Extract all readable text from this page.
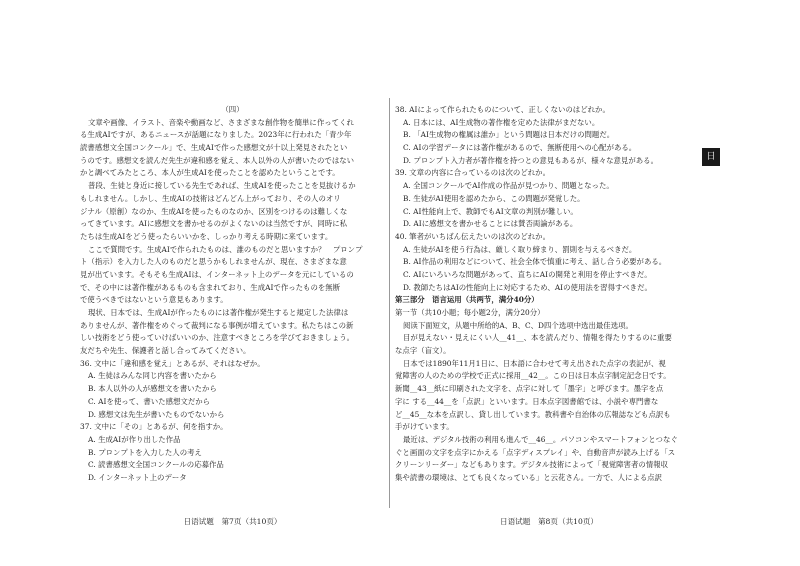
（四）
文章や画像、イラスト、音楽や動画など、さまざまな創作物を簡単に作ってくれ
る生成AIですが、あるニュースが話題になりました。2023年に行われた「青少年
読書感想文全国コンクール」で、生成AIで作った感想文が十以上発見されたとい
うのです。感想文を読んだ先生が違和感を覚え、本人以外の人が書いたのではない
かと調べてみたところ、本人が生成AIを使ったことを認めたということです。
普段、生徒と身近に接している先生であれば、生成AIを使ったことを見抜けるか
もしれません。しかし、生成AIの技術はどんどん上がっており、その人のオリ
ジナル（原創）なのか、生成AIを使ったものなのか、区別をつけるのは難しくな
ってきています。AIに感想文を書かせるのがよくないのは当然ですが、同時に私
たちは生成AIをどう使ったらいいかを、しっかり考える時期に来ています。
ここで質問です。生成AIで作られたものは、誰のものだと思いますか？　プロンプ
ト（指示）を入力した人のものだと思うかもしれませんが、現在、さまざまな意
見が出ています。そもそも生成AIは、インターネット上のデータを元にしているの
で、その中には著作権があるものも含まれており、生成AIで作ったものを無断
で使うべきではないという意見もあります。
現状、日本では、生成AIが作ったものには著作権が発生すると規定した法律は
ありませんが、著作権をめぐって裁判になる事例が増えています。私たちはこの新
しい技術をどう使っていけばいいのか、注意すべきところを学びておきましょう。
友だちや先生、保護者と話し合ってみてください。
36. 文中に「違和感を覚え」とあるが、それはなぜか。
A. 生徒はみんな同じ内容を書いたから
B. 本人以外の人が感想文を書いたから
C. AIを使って、書いた感想文だから
D. 感想文は先生が書いたものでないから
37. 文中に「その」とあるが、何を指すか。
A. 生成AIが作り出した作品
B. プロンプトを入力した人の考え
C. 読書感想文全国コンクールの応募作品
D. インターネット上のデータ
日语试题　第7页（共10页）
38. AIによって作られたものについて、正しくないのはどれか。
A. 日本には、AI生成物の著作権を定めた法律がまだない。
B. 「AI生成物の権属は誰か」という問題は日本だけの問題だ。
C. AIの学習データには著作権があるので、無断使用への心配がある。
D. プロンプト入力者が著作権を持つとの意見もあるが、様々な意見がある。
39. 文章の内容に合っているのは次のどれか。
A. 全国コンクールでAI作成の作品が見つかり、問題となった。
B. 生徒がAI使用を認めたから、この問題が発覚した。
C. AI性能向上で、教師でもAI文章の判別が難しい。
D. AIに感想文を書かせることには賛否両論がある。
40. 筆者がいちばん伝えたいのは次のどれか。
A. 生徒がAIを使う行為は、厳しく取り締まり、罰則を与えるべきだ。
B. AI作品の利用などについて、社会全体で慎重に考え、話し合う必要がある。
C. AIにいろいろな問題があって、直ちにAIの開発と利用を停止すべきだ。
D. 教師たちはAIの性能向上に対応するため、AIの使用法を習得すべきだ。
第三部分　语言运用（共两节，满分40分）
第一节（共10小题；每小题2分，满分20分）
阅读下面短文，从题中所给的A、B、C、D四个选项中选出最佳选项。
目が見えない・見えにくい人__41__、本を読んだり、情報を得たりするのに重要
な点字（盲文）。
日本では1890年11月1日に、日本語に合わせて考え出された点字の表記が、視
覚障害の人のための学校で正式に採用__42__。この日は日本点字制定記念日です。
新聞__43__紙に印刷された文字を、点字に対して「墨字」と呼びます。墨字を点
字に する__44__を「点訳」といいます。日本点字図書館では、小説や専門書な
ど__45__な本を点訳し、貸し出しています。教科書や自治体の広報誌なども点訳も
手がけています。
最近は、デジタル技術の利用も進んで__46__。パソコンやスマートフォンとつなぐ
ぐと画面の文字を点字にかえる「点字ディスプレイ」や、自動音声が読み上げる「ス
クリーンリーダー」などもあります。デジタル技術によって「視覚障害者の情報収
集や読書の環境は、とても良くなっている」と云花さん。一方で、人による点訳
日语试题　第8页（共10页）
日
